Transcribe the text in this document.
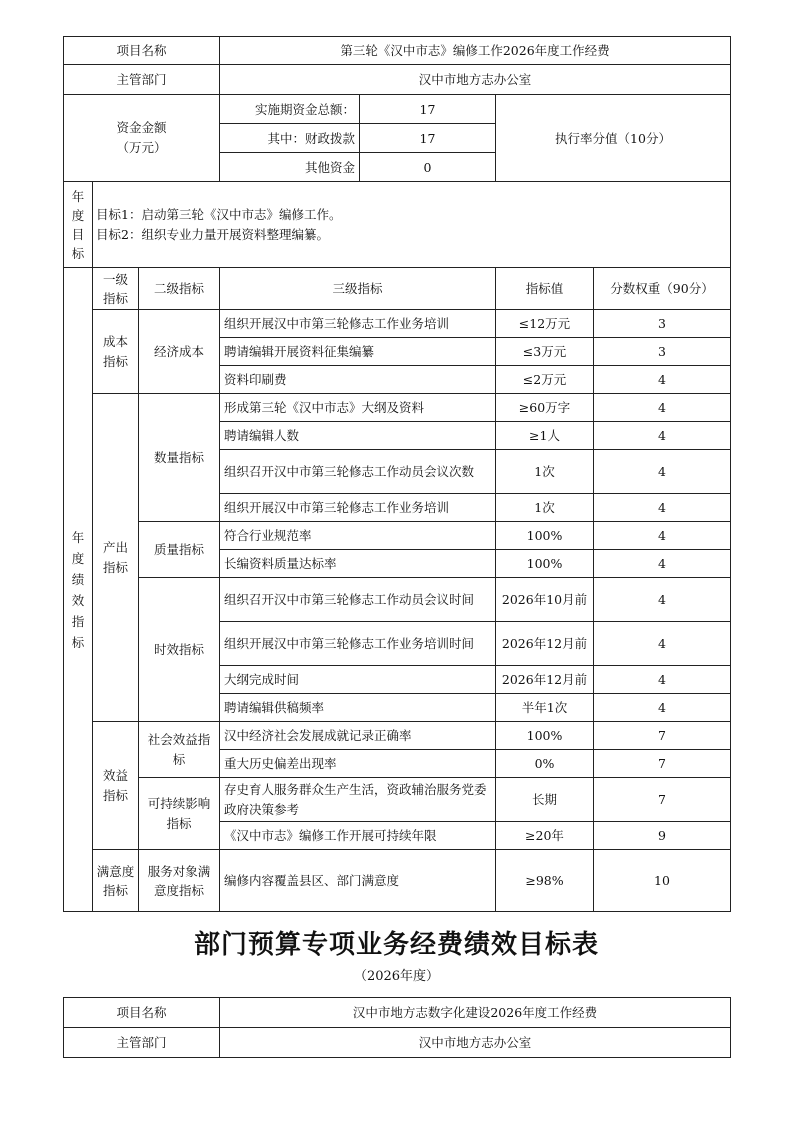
项目名称			第三轮《汉中市志》编修工作2026年度工作经费			
主管部门			汉中市地方志办公室			
资金金额
（万元）			实施期资金总额：	17	执行率分值（10分）	
			其中：财政拨款	17		
			其他资金	0		

年度目标	目标1：启动第三轮《汉中市志》编修工作。
目标2：组织专业力量开展资料整理编纂。					

年度绩效指标	一级指标	二级指标	三级指标		指标值	分数权重（90分）
	成本指标	经济成本	组织开展汉中市第三轮修志工作业务培训		≤12万元	3
			聘请编辑开展资料征集编纂		≤3万元	3
			资料印刷费		≤2万元	4
	产出指标	数量指标	形成第三轮《汉中市志》大纲及资料		≥60万字	4
			聘请编辑人数		≥1人	4
			组织召开汉中市第三轮修志工作动员会议次数		1次	4

			组织开展汉中市第三轮修志工作业务培训		1次	4
		质量指标	符合行业规范率		100%	4
			长编资料质量达标率		100%	4
		时效指标	组织召开汉中市第三轮修志工作动员会议时间		2026年10月前	4
			组织开展汉中市第三轮修志工作业务培训时间		2026年12月前	4
			大纲完成时间		2026年12月前	4
			聘请编辑供稿频率		半年1次	4
	效益指标	社会效益指标	汉中经济社会发展成就记录正确率		100%	7
			重大历史偏差出现率		0%	7
		可持续影响指标	存史育人服务群众生产生活，资政辅治服务党委政府决策参考		长期	7
			《汉中市志》编修工作开展可持续年限		≥20年	9
	满意度指标	服务对象满意度指标	编修内容覆盖县区、部门满意度		≥98%	10
部门预算专项业务经费绩效目标表
（2026年度）
项目名称	汉中市地方志数字化建设2026年度工作经费
主管部门	汉中市地方志办公室
